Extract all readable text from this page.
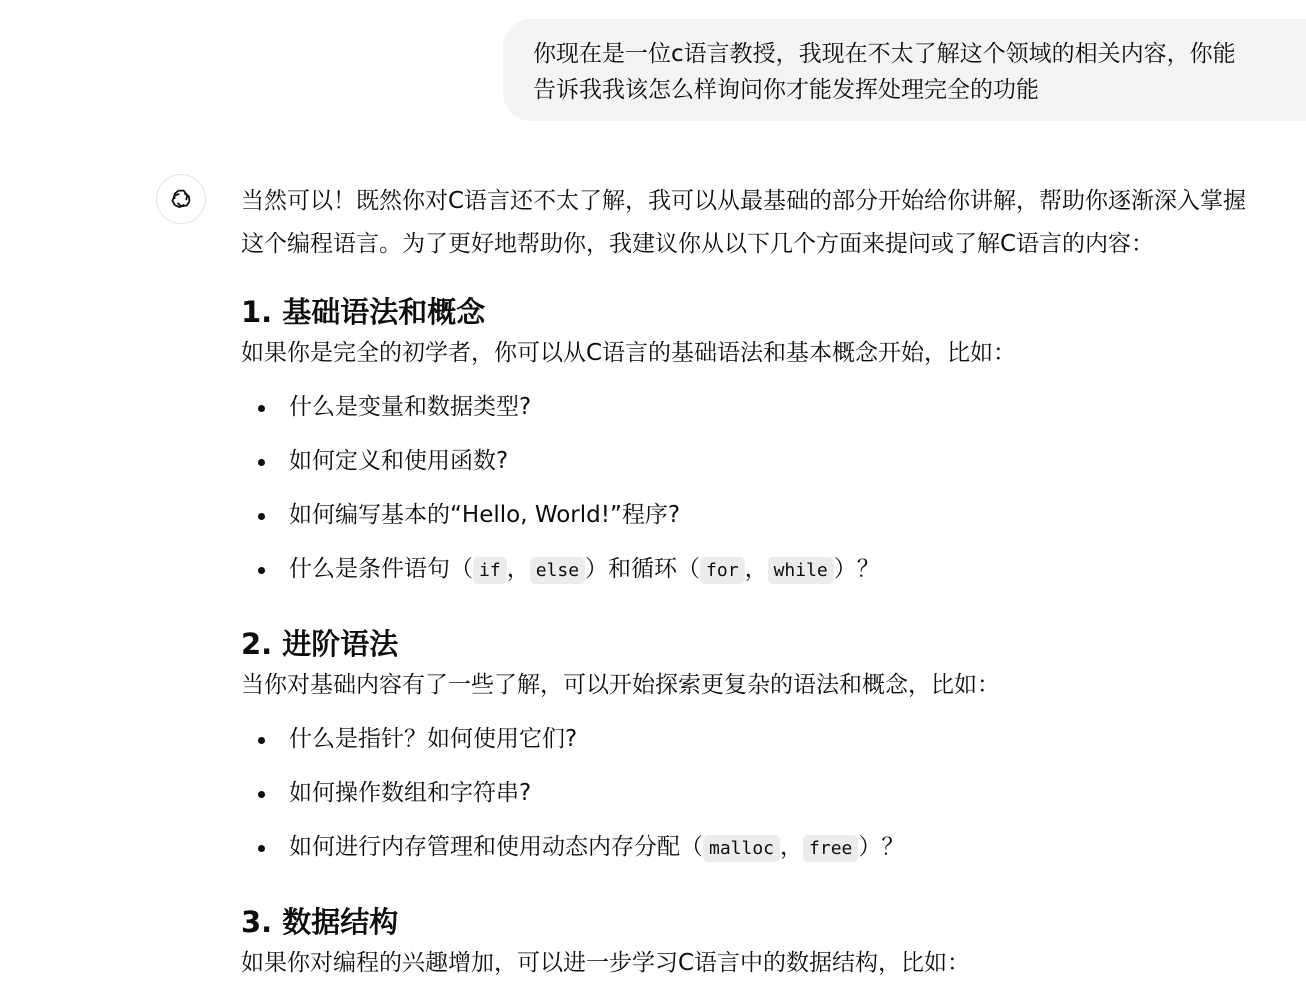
你现在是一位c语言教授，我现在不太了解这个领域的相关内容，你能
告诉我我该怎么样询问你才能发挥处理完全的功能

当然可以！既然你对C语言还不太了解，我可以从最基础的部分开始给你讲解，帮助你逐渐深入掌握
这个编程语言。为了更好地帮助你，我建议你从以下几个方面来提问或了解C语言的内容：

1. 基础语法和概念

如果你是完全的初学者，你可以从C语言的基础语法和基本概念开始，比如：

什么是变量和数据类型?
如何定义和使用函数?
如何编写基本的“Hello, World!”程序?
什么是条件语句（ if ， else ）和循环（ for ， while ）？
2. 进阶语法

当你对基础内容有了一些了解，可以开始探索更复杂的语法和概念，比如：

什么是指针？如何使用它们?
如何操作数组和字符串?
如何进行内存管理和使用动态内存分配（ malloc ， free ）？
3. 数据结构

如果你对编程的兴趣增加，可以进一步学习C语言中的数据结构，比如：
